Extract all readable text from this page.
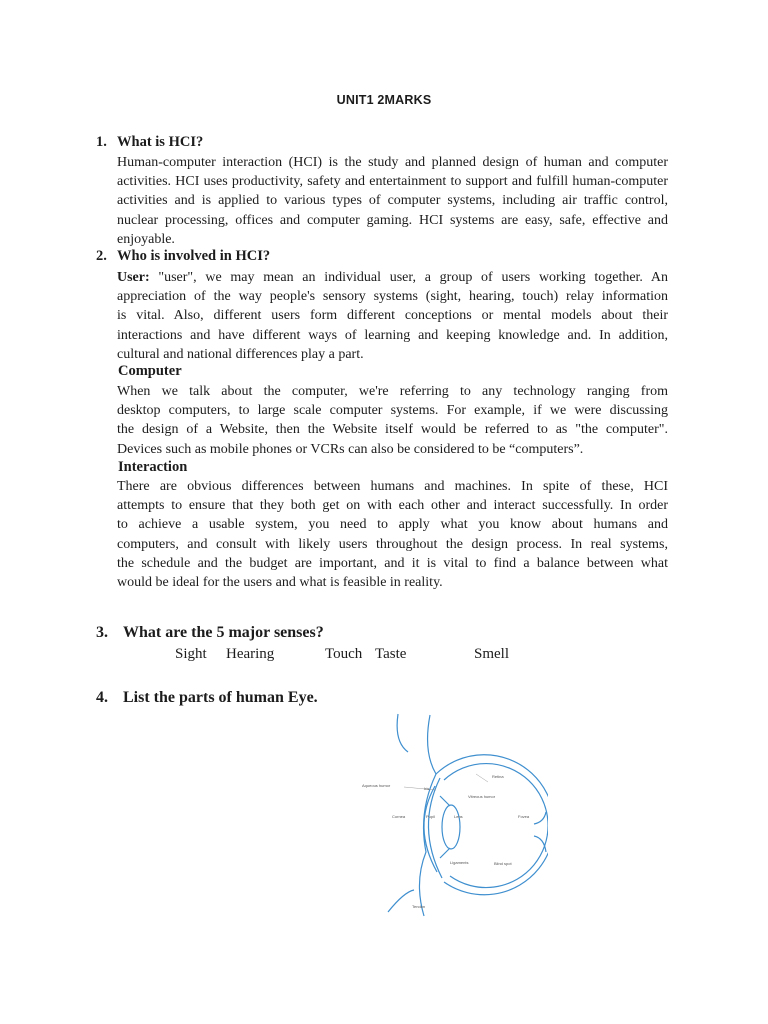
UNIT1 2MARKS
1. What is HCI?
Human-computer interaction (HCI) is the study and planned design of human and computer
activities. HCI uses productivity, safety and entertainment to support and fulfill human-computer
activities and is applied to various types of computer systems, including air traffic control,
nuclear processing, offices and computer gaming. HCI systems are easy, safe, effective and
enjoyable.
2. Who is involved in HCI?
User: "user", we may mean an individual user, a group of users working together. An
appreciation of the way people's sensory systems (sight, hearing, touch) relay information
is vital. Also, different users form different conceptions or mental models about their
interactions and have different ways of learning and keeping knowledge and. In addition,
cultural and national differences play a part.
Computer
When we talk about the computer, we're referring to any technology ranging from
desktop computers, to large scale computer systems. For example, if we were discussing
the design of a Website, then the Website itself would be referred to as "the computer".
Devices such as mobile phones or VCRs can also be considered to be “computers”.
Interaction
There are obvious differences between humans and machines. In spite of these, HCI
attempts to ensure that they both get on with each other and interact successfully. In order
to achieve a usable system, you need to apply what you know about humans and
computers, and consult with likely users throughout the design process. In real systems,
the schedule and the budget are important, and it is vital to find a balance between what
would be ideal for the users and what is feasible in reality.
3. What are the 5 major senses?
Sight Hearing	Touch Taste	Smell
4. List the parts of human Eye.
Aqueous humor
Iris
Cornea	Pupil	Lens
Retina
Vitreous humor
Fovea
Ligaments	Blind spot
Tendon
